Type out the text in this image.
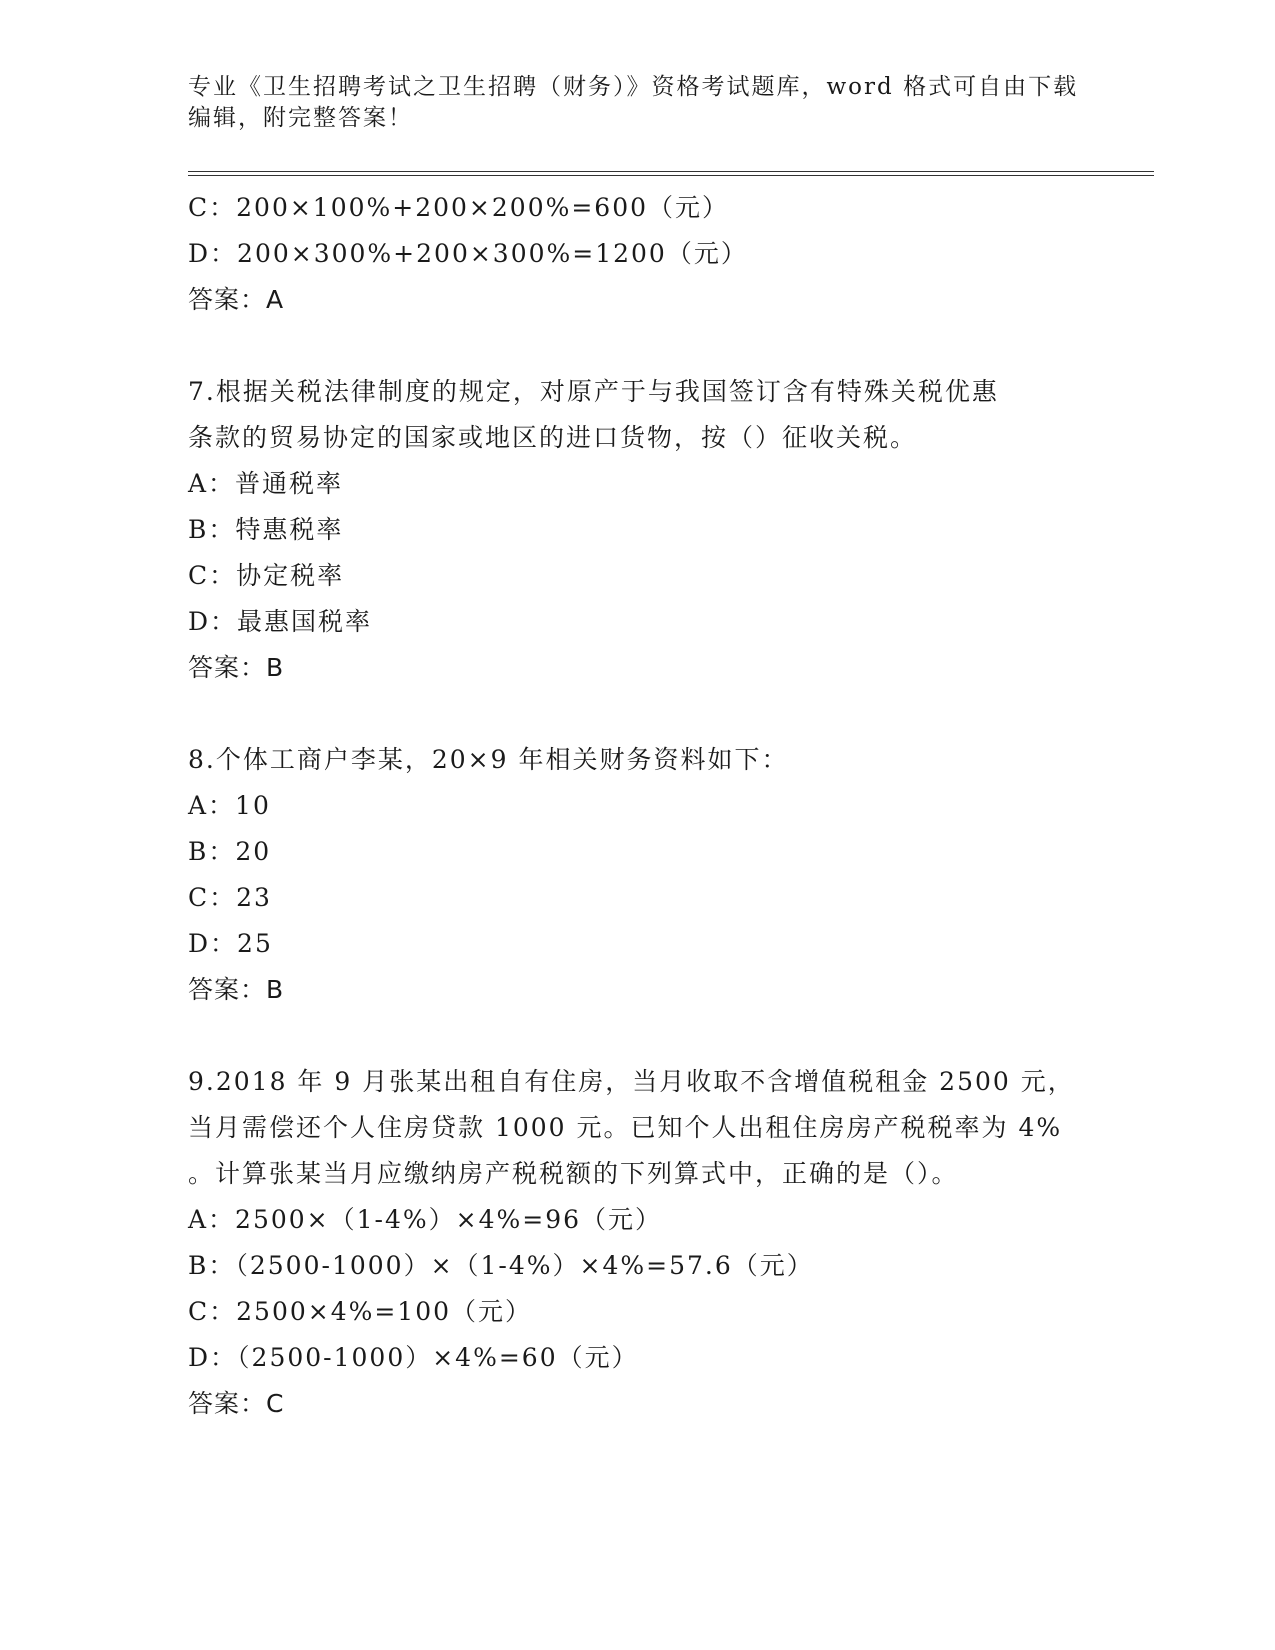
专业《卫生招聘考试之卫生招聘（财务）》资格考试题库，word 格式可自由下载
编辑，附完整答案！
C：200×100%+200×200%=600（元）
D：200×300%+200×300%=1200（元）
答案：A
7.根据关税法律制度的规定，对原产于与我国签订含有特殊关税优惠
条款的贸易协定的国家或地区的进口货物，按（）征收关税。
A：普通税率
B：特惠税率
C：协定税率
D：最惠国税率
答案：B
8.个体工商户李某，20×9 年相关财务资料如下：
A：10
B：20
C：23
D：25
答案：B
9.2018 年 9 月张某出租自有住房，当月收取不含增值税租金 2500 元，
当月需偿还个人住房贷款 1000 元。已知个人出租住房房产税税率为 4%
。计算张某当月应缴纳房产税税额的下列算式中，正确的是（）。
A：2500×（1-4%）×4%=96（元）
B：（2500-1000）×（1-4%）×4%=57.6（元）
C：2500×4%=100（元）
D：（2500-1000）×4%=60（元）
答案：C
